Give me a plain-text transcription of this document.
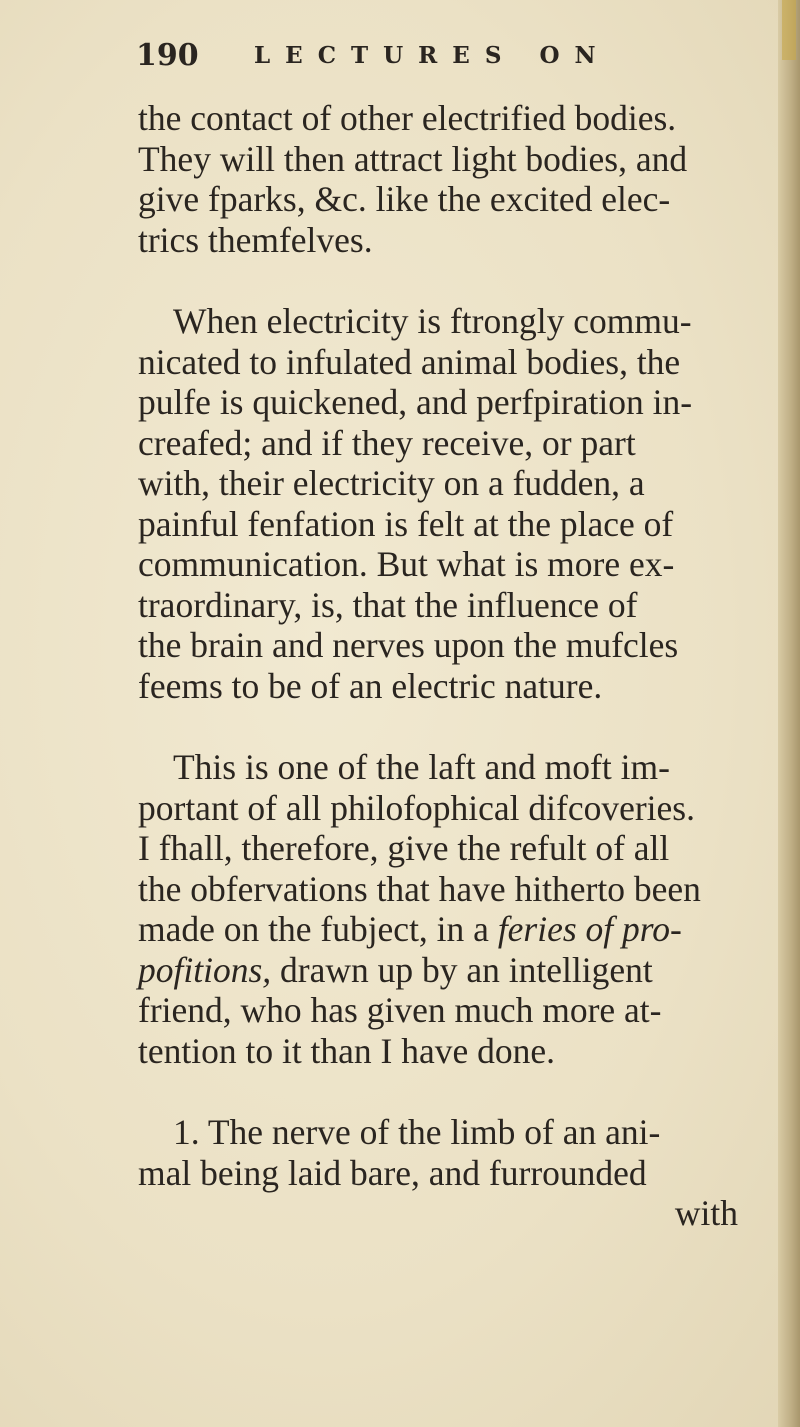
190 LECTURES ON
the contact of other electrified bodies.
They will then attract light bodies, and
give fparks, &c. like the excited elec-
trics themfelves.
When electricity is ftrongly commu-
nicated to infulated animal bodies, the
pulfe is quickened, and perfpiration in-
creafed; and if they receive, or part
with, their electricity on a fudden, a
painful fenfation is felt at the place of
communication. But what is more ex-
traordinary, is, that the influence of
the brain and nerves upon the mufcles
feems to be of an electric nature.
This is one of the laft and moft im-
portant of all philofophical difcoveries.
I fhall, therefore, give the refult of all
the obfervations that have hitherto been
made on the fubject, in a feries of pro-
pofitions, drawn up by an intelligent
friend, who has given much more at-
tention to it than I have done.
1. The nerve of the limb of an ani-
mal being laid bare, and furrounded
with
